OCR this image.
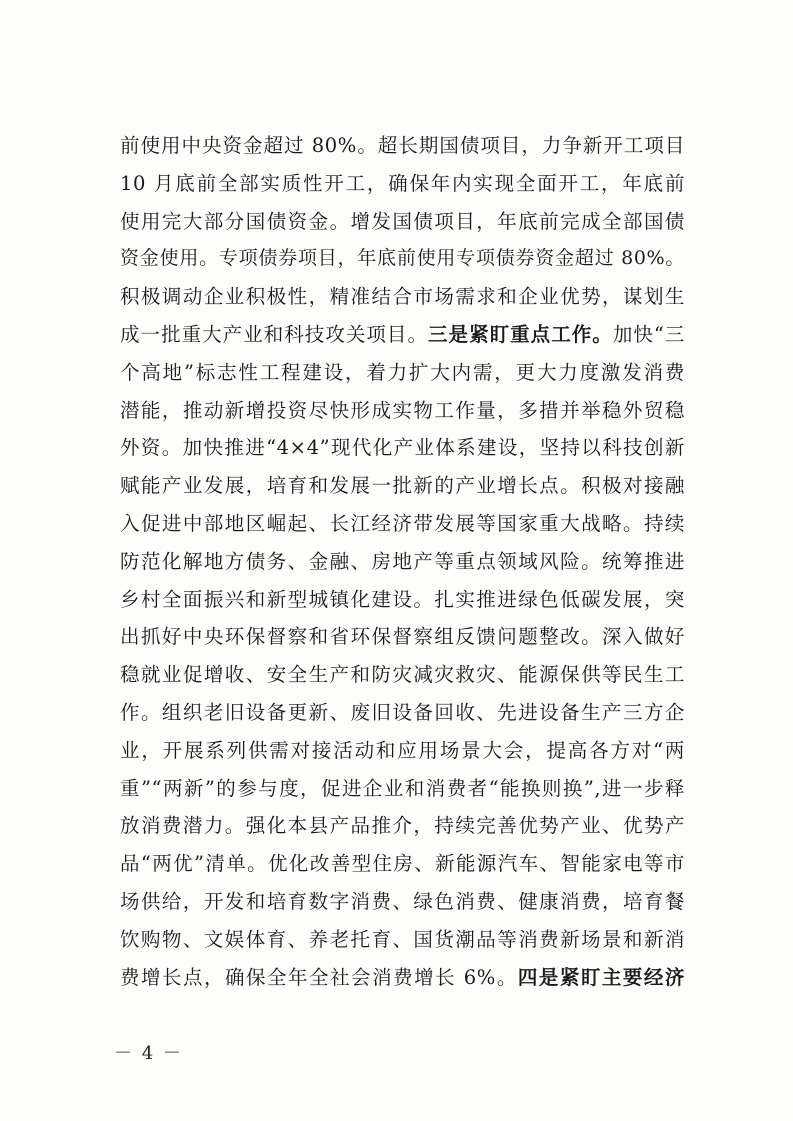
前使用中央资金超过 80%。超长期国债项目，力争新开工项目
10 月底前全部实质性开工，确保年内实现全面开工，年底前
使用完大部分国债资金。增发国债项目，年底前完成全部国债
资金使用。专项债券项目，年底前使用专项债券资金超过 80%。
积极调动企业积极性，精准结合市场需求和企业优势，谋划生
成一批重大产业和科技攻关项目。三是紧盯重点工作。加快“三
个高地”标志性工程建设，着力扩大内需，更大力度激发消费
潜能，推动新增投资尽快形成实物工作量，多措并举稳外贸稳
外资。加快推进“4×4”现代化产业体系建设，坚持以科技创新
赋能产业发展，培育和发展一批新的产业增长点。积极对接融
入促进中部地区崛起、长江经济带发展等国家重大战略。持续
防范化解地方债务、金融、房地产等重点领域风险。统筹推进
乡村全面振兴和新型城镇化建设。扎实推进绿色低碳发展，突
出抓好中央环保督察和省环保督察组反馈问题整改。深入做好
稳就业促增收、安全生产和防灾减灾救灾、能源保供等民生工
作。组织老旧设备更新、废旧设备回收、先进设备生产三方企
业，开展系列供需对接活动和应用场景大会，提高各方对“两
重”“两新”的参与度，促进企业和消费者“能换则换”,进一步释
放消费潜力。强化本县产品推介，持续完善优势产业、优势产
品“两优”清单。优化改善型住房、新能源汽车、智能家电等市
场供给，开发和培育数字消费、绿色消费、健康消费，培育餐
饮购物、文娱体育、养老托育、国货潮品等消费新场景和新消
费增长点，确保全年全社会消费增长 6%。四是紧盯主要经济
－ 4 －
